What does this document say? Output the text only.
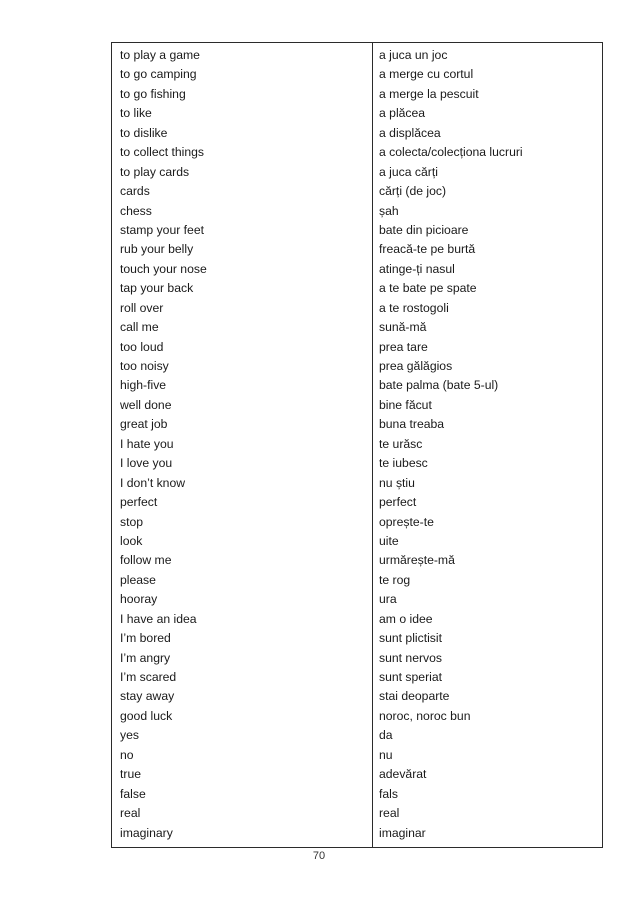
to play a game
to go camping
to go fishing
to like
to dislike
to collect things
to play cards
cards
chess
stamp your feet
rub your belly
touch your nose
tap your back
roll over
call me
too loud
too noisy
high-five
well done
great job
I hate you
I love you
I don’t know
perfect
stop
look
follow me
please
hooray
I have an idea
I’m bored
I’m angry
I’m scared
stay away
good luck
yes
no
true
false
real
imaginary
a juca un joc
a merge cu cortul
a merge la pescuit
a plăcea
a displăcea
a colecta/colecționa lucruri
a juca cărți
cărți (de joc)
șah
bate din picioare
freacă-te pe burtă
atinge-ți nasul
a te bate pe spate
a te rostogoli
sună-mă
prea tare
prea gălăgios
bate palma (bate 5-ul)
bine făcut
buna treaba
te urăsc
te iubesc
nu știu
perfect
oprește-te
uite
urmărește-mă
te rog
ura
am o idee
sunt plictisit
sunt nervos
sunt speriat
stai deoparte
noroc, noroc bun
da
nu
adevărat
fals
real
imaginar
70
